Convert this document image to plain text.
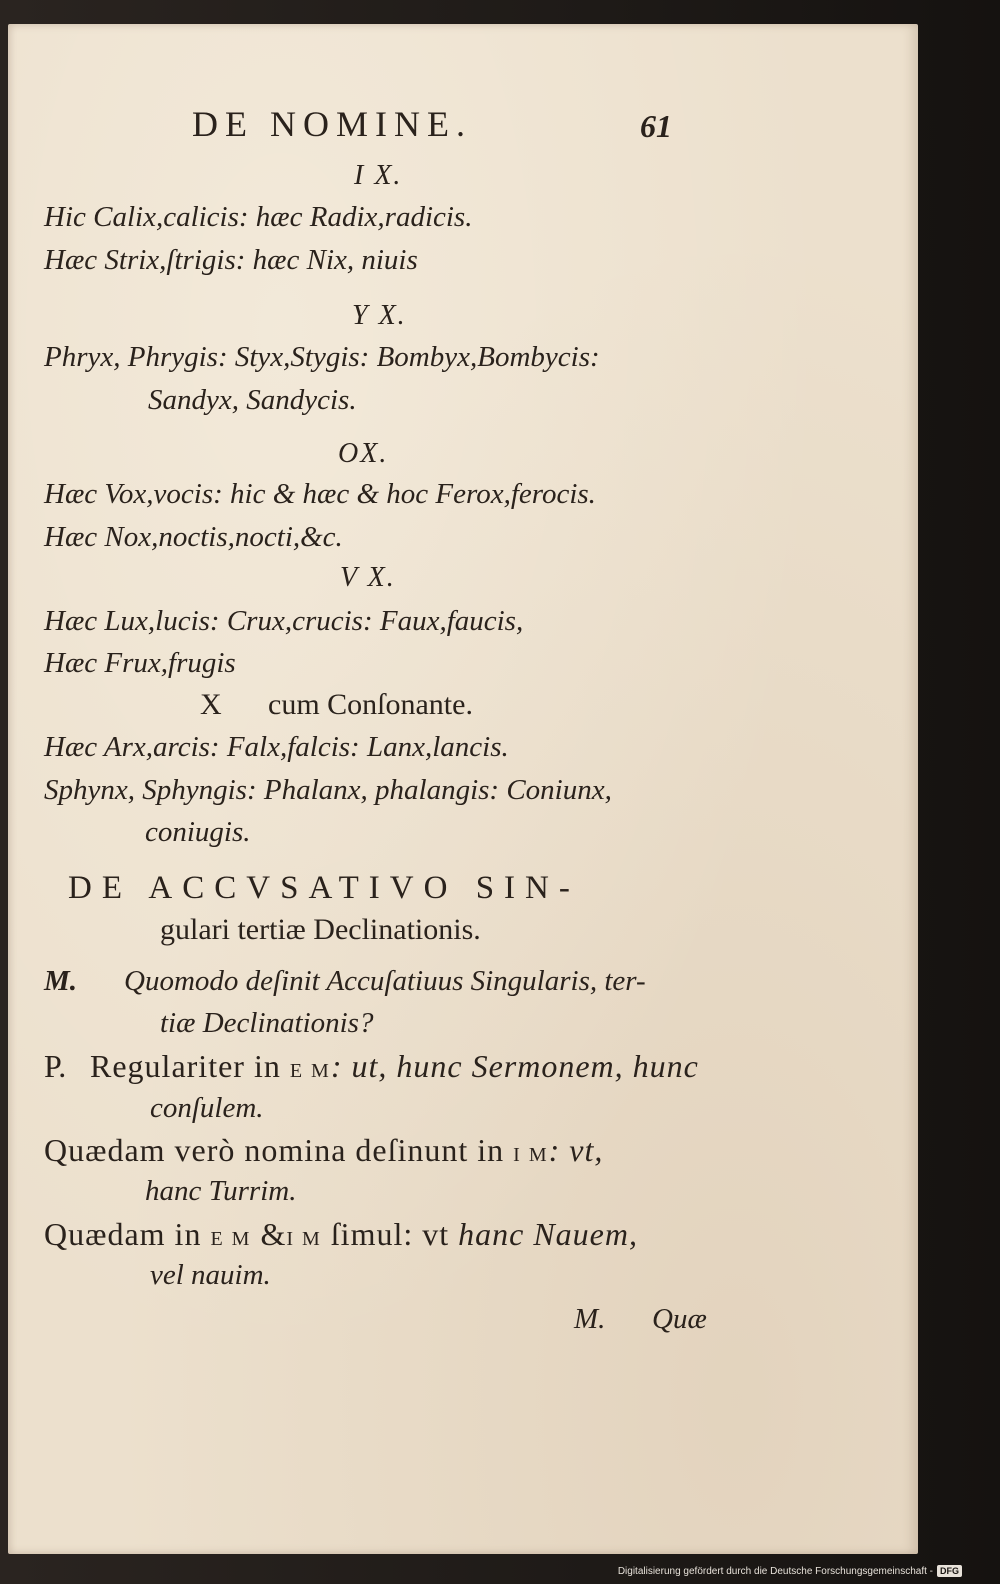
DE NOMINE.	61
I X.
Hic Calix,calicis: hæc Radix,radicis.
Hæc Strix,ſtrigis: hæc Nix, niuis
Y X.
Phryx, Phrygis: Styx,Stygis: Bombyx,Bombycis:
Sandyx, Sandycis.
OX.
Hæc Vox,vocis: hic & hæc & hoc Ferox,ferocis.
Hæc Nox,noctis,nocti,&c.
V X.
Hæc Lux,lucis: Crux,crucis: Faux,faucis,
Hæc Frux,frugis
X cum Conſonante.
Hæc Arx,arcis: Falx,falcis: Lanx,lancis.
Sphynx, Sphyngis: Phalanx, phalangis: Coniunx,
coniugis.
DE ACCVSATIVO SIN-
gulari tertiæ Declinationis.
M. Quomodo deſinit Accuſatiuus Singularis, ter-
tiæ Declinationis?
P. Regulariter in E M: ut, hunc Sermonem, hunc
conſulem.
Quædam verò nomina deſinunt in I M: vt,
hanc Turrim.
Quædam in E M &I M ſimul: vt hanc Nauem,
vel nauim.
M. Quæ
Digitalisierung gefördert durch die Deutsche Forschungsgemeinschaft - DFG
